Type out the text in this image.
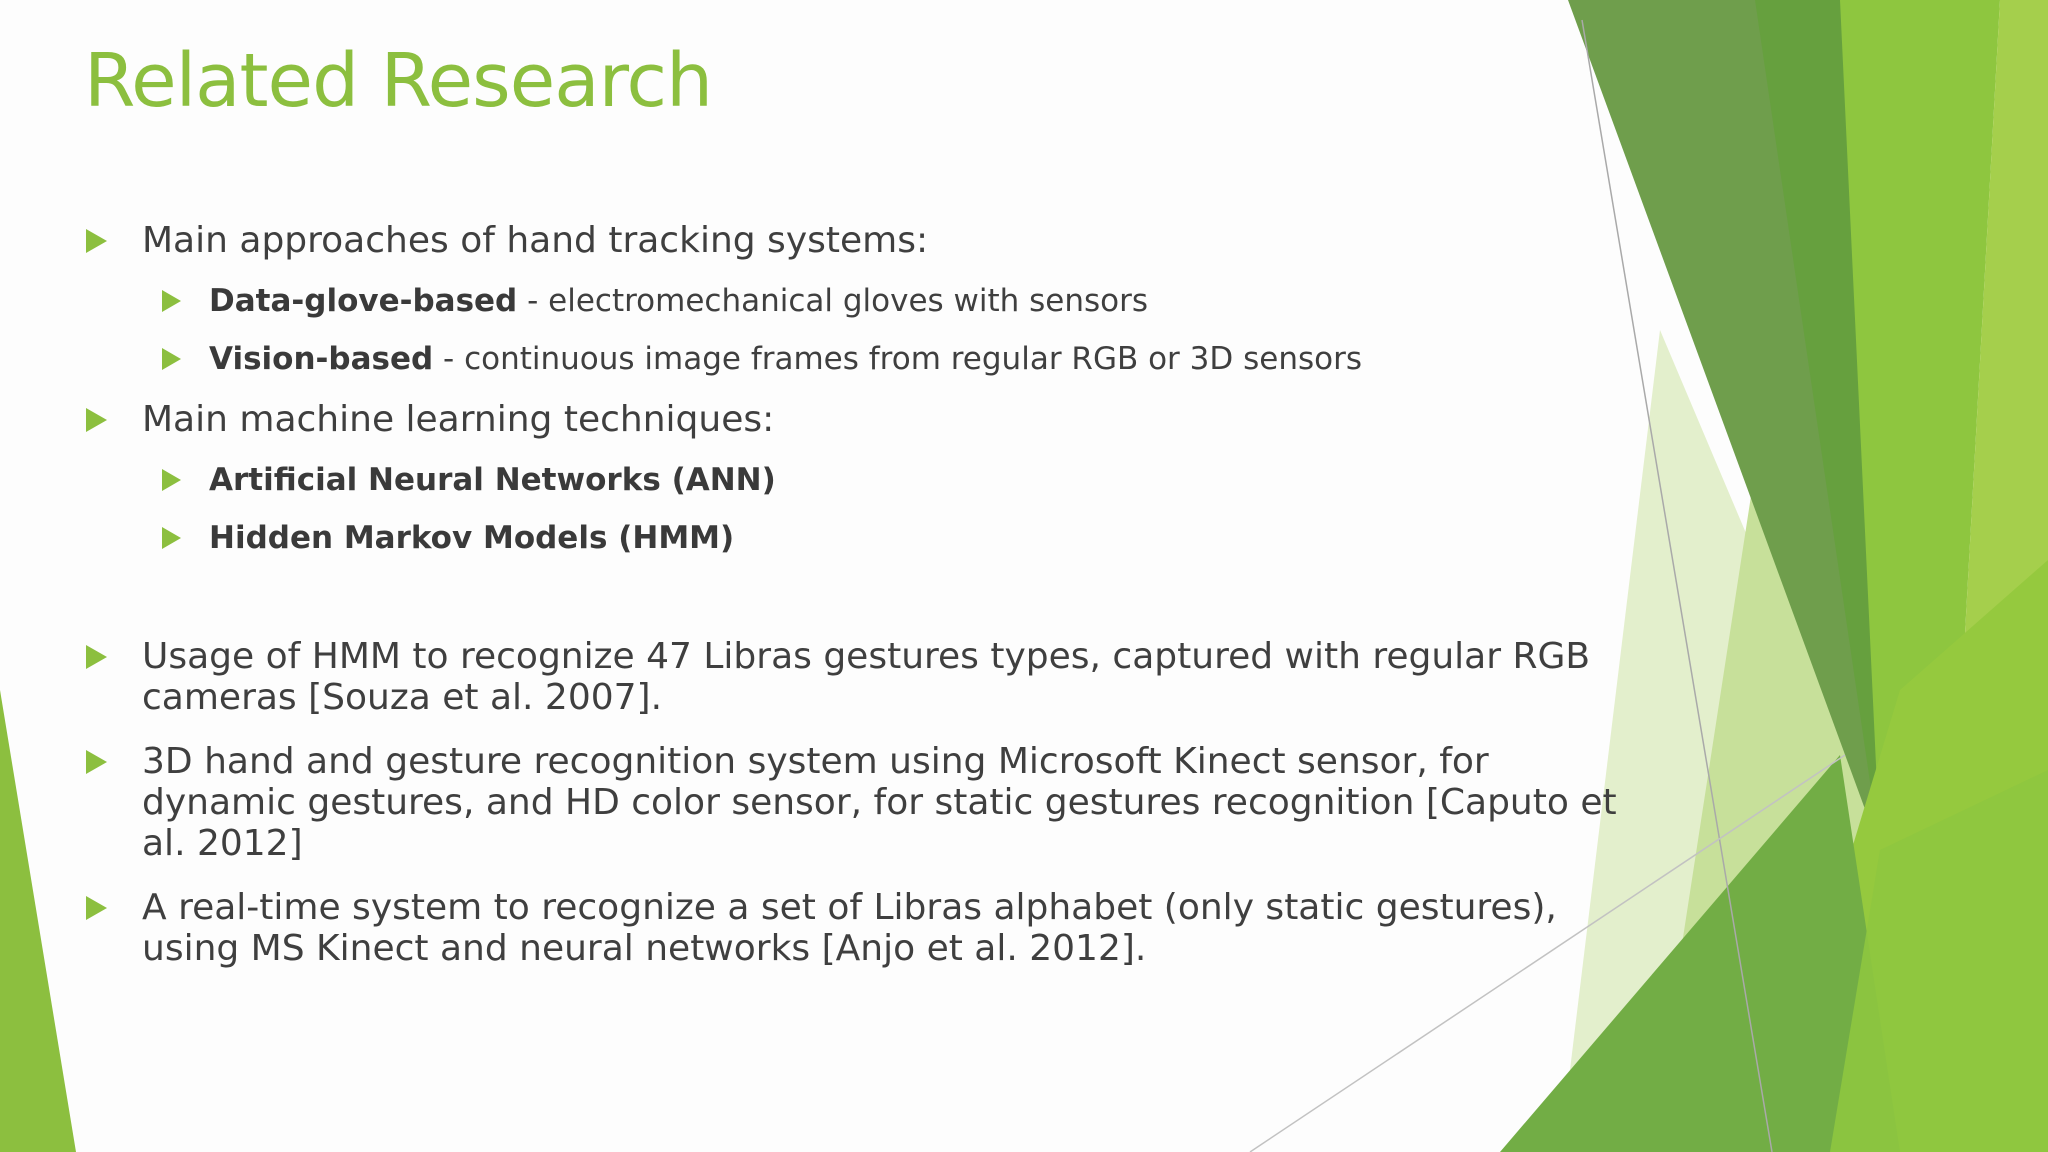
Related Research
Main approaches of hand tracking systems:
Data-glove-based - electromechanical gloves with sensors
Vision-based - continuous image frames from regular RGB or 3D sensors
Main machine learning techniques:
Artificial Neural Networks (ANN)
Hidden Markov Models (HMM)
Usage of HMM to recognize 47 Libras gestures types, captured with regular RGB
cameras [Souza et al. 2007].
3D hand and gesture recognition system using Microsoft Kinect sensor, for
dynamic gestures, and HD color sensor, for static gestures recognition [Caputo et
al. 2012]
A real-time system to recognize a set of Libras alphabet (only static gestures),
using MS Kinect and neural networks [Anjo et al. 2012].
